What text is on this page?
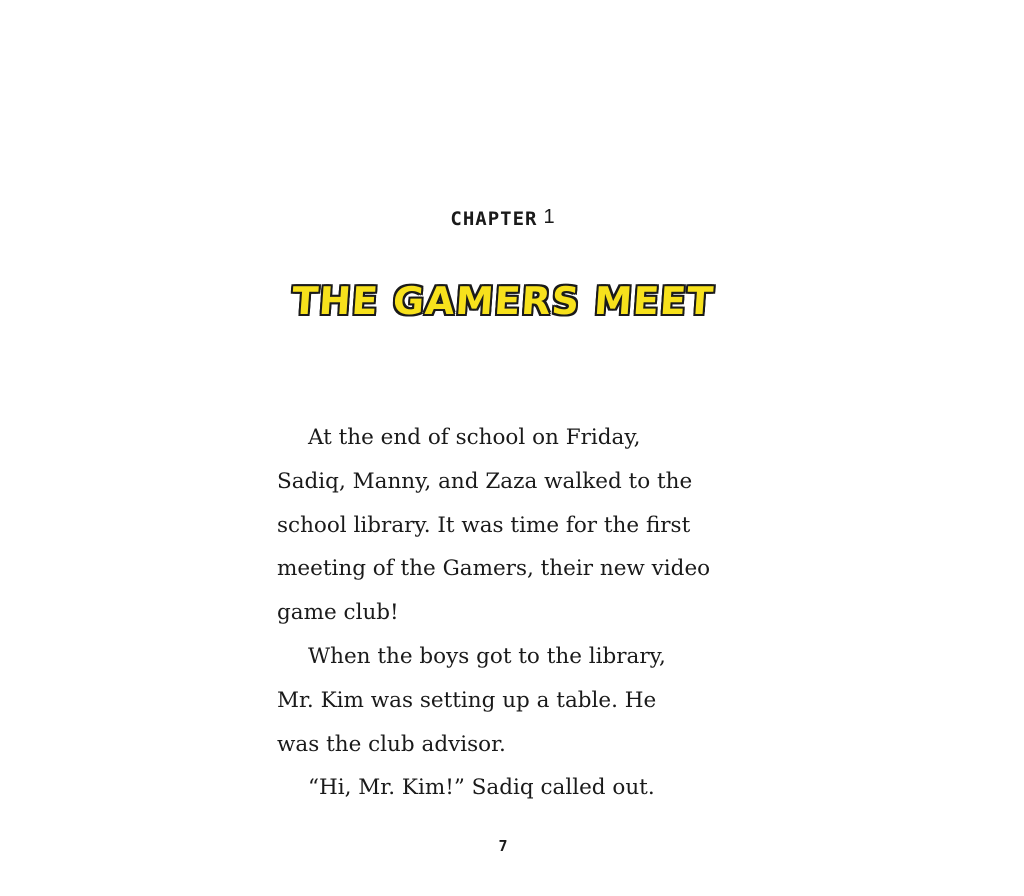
CHAPTER 1
THE GAMERS MEET
At the end of school on Friday,
Sadiq, Manny, and Zaza walked to the
school library. It was time for the first
meeting of the Gamers, their new video
game club!
When the boys got to the library,
Mr. Kim was setting up a table. He
was the club advisor.
“Hi, Mr. Kim!” Sadiq called out.
7
